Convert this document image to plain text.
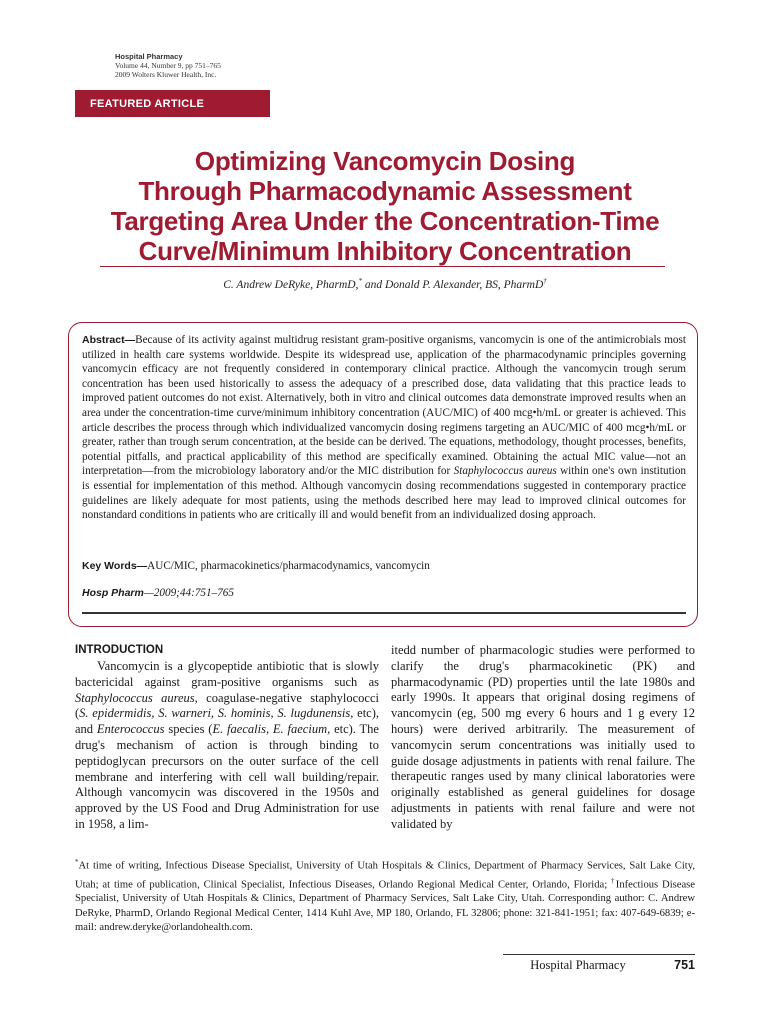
Hospital Pharmacy
Volume 44, Number 9, pp 751–765
2009 Wolters Kluwer Health, Inc.
FEATURED ARTICLE
Optimizing Vancomycin Dosing
Through Pharmacodynamic Assessment
Targeting Area Under the Concentration-Time
Curve/Minimum Inhibitory Concentration
C. Andrew DeRyke, PharmD,* and Donald P. Alexander, BS, PharmD†
Abstract—Because of its activity against multidrug resistant gram-positive organisms, vancomycin is one of the antimicrobials most utilized in health care systems worldwide. Despite its widespread use, application of the pharmacodynamic principles governing vancomycin efficacy are not frequently considered in contemporary clinical practice. Although the vancomycin trough serum concentration has been used historically to assess the adequacy of a prescribed dose, data validating that this practice leads to improved patient outcomes do not exist. Alternatively, both in vitro and clinical outcomes data demonstrate improved results when an area under the concentration-time curve/minimum inhibitory concentration (AUC/MIC) of 400 mcg•h/mL or greater is achieved. This article describes the process through which individualized vancomycin dosing regimens targeting an AUC/MIC of 400 mcg•h/mL or greater, rather than trough serum concentration, at the beside can be derived. The equations, methodology, thought processes, benefits, potential pitfalls, and practical applicability of this method are specifically examined. Obtaining the actual MIC value—not an interpretation—from the microbiology laboratory and/or the MIC distribution for Staphylococcus aureus within one's own institution is essential for implementation of this method. Although vancomycin dosing recommendations suggested in contemporary practice guidelines are likely adequate for most patients, using the methods described here may lead to improved clinical outcomes for nonstandard conditions in patients who are critically ill and would benefit from an individualized dosing approach.
Key Words—AUC/MIC, pharmacokinetics/pharmacodynamics, vancomycin
Hosp Pharm—2009;44:751–765
INTRODUCTION

Vancomycin is a glycopeptide antibiotic that is slowly bactericidal against gram-positive organisms such as Staphylococcus aureus, coagulase-negative staphylococci (S. epidermidis, S. warneri, S. hominis, S. lugdunensis, etc), and Enterococcus species (E. faecalis, E. faecium, etc). The drug's mechanism of action is through binding to peptidoglycan precursors on the outer surface of the cell membrane and interfering with cell wall building/repair. Although vancomycin was discovered in the 1950s and approved by the US Food and Drug Administration for use in 1958, a lim-

itedd number of pharmacologic studies were performed to clarify the drug's pharmacokinetic (PK) and pharmacodynamic (PD) properties until the late 1980s and early 1990s. It appears that original dosing regimens of vancomycin (eg, 500 mg every 6 hours and 1 g every 12 hours) were derived arbitrarily. The measurement of vancomycin serum concentrations was initially used to guide dosage adjustments in patients with renal failure. The therapeutic ranges used by many clinical laboratories were originally established as general guidelines for dosage adjustments in patients with renal failure and were not validated by

*At time of writing, Infectious Disease Specialist, University of Utah Hospitals & Clinics, Department of Pharmacy Services, Salt Lake City, Utah; at time of publication, Clinical Specialist, Infectious Diseases, Orlando Regional Medical Center, Orlando, Florida; †Infectious Disease Specialist, University of Utah Hospitals & Clinics, Department of Pharmacy Services, Salt Lake City, Utah. Corresponding author: C. Andrew DeRyke, PharmD, Orlando Regional Medical Center, 1414 Kuhl Ave, MP 180, Orlando, FL 32806; phone: 321-841-1951; fax: 407-649-6839; e-mail: andrew.deryke@orlandohealth.com.
Hospital Pharmacy	751
